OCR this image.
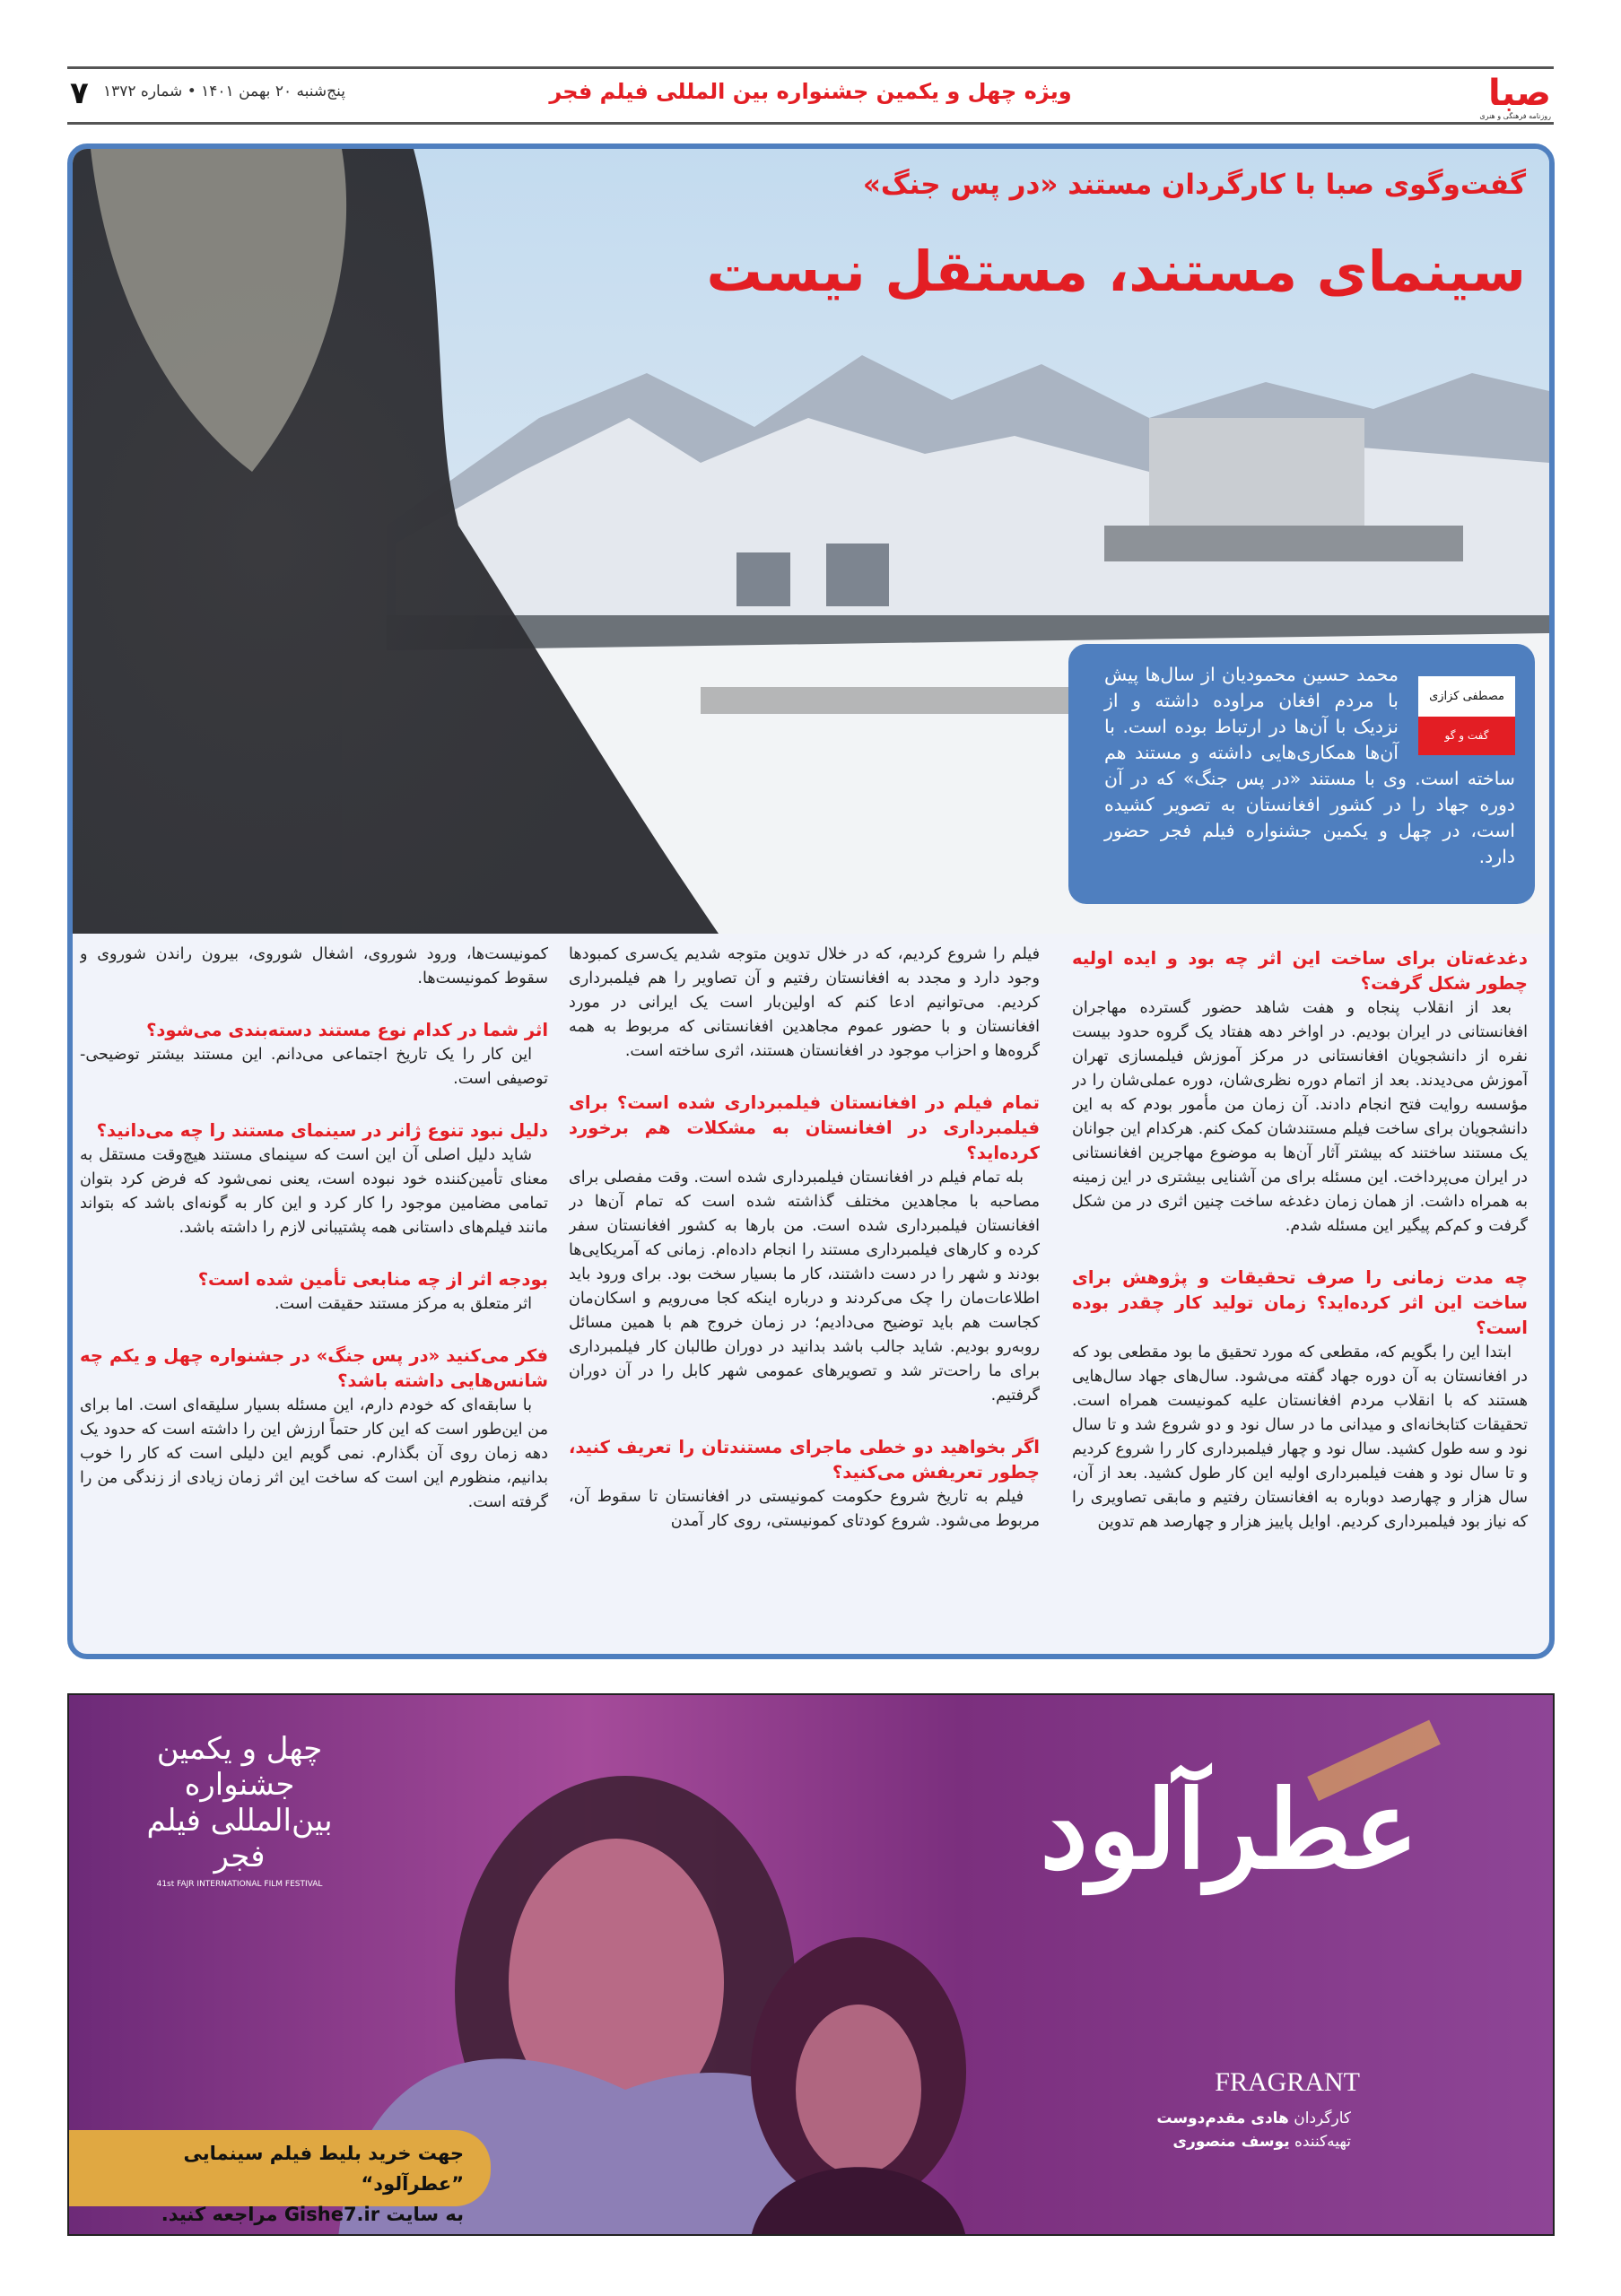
صبا
روزنامه فرهنگی و هنری
ویژه چهل و یکمین جشنواره بین المللی فیلم فجر
پنج‌شنبه ۲۰ بهمن ۱۴۰۱ • شماره ۱۳۷۲
۷
گفت‌وگوی صبا با کارگردان مستند «در پس جنگ»
سینمای مستند، مستقل نیست
مصطفی کزازی
گفت و گو
محمد حسین محمودیان از سال‌ها پیش با مردم افغان مراوده داشته و از نزدیک با آن‌ها در ارتباط بوده است. با آن‌ها همکاری‌هایی داشته و مستند هم ساخته است. وی با مستند «در پس جنگ» که در آن دوره جهاد را در کشور افغانستان به تصویر کشیده است، در چهل و یکمین جشنواره فیلم فجر حضور دارد.
دغدغه‌تان برای ساخت این اثر چه بود و ایده اولیه چطور شکل گرفت؟

بعد از انقلاب پنجاه و هفت شاهد حضور گسترده مهاجران افغانستانی در ایران بودیم. در اواخر دهه هفتاد یک گروه حدود بیست نفره از دانشجویان افغانستانی در مرکز آموزش فیلمسازی تهران آموزش می‌دیدند. بعد از اتمام دوره نظری‌شان، دوره عملی‌شان را در مؤسسه روایت فتح انجام دادند. آن زمان من مأمور بودم که به این دانشجویان برای ساخت فیلم مستندشان کمک کنم. هرکدام این جوانان یک مستند ساختند که بیشتر آثار آن‌ها به موضوع مهاجرین افغانستانی در ایران می‌پرداخت. این مسئله برای من آشنایی بیشتری در این زمینه به همراه داشت. از همان زمان دغدغه ساخت چنین اثری در من شکل گرفت و کم‌کم پیگیر این مسئله شدم.

چه مدت زمانی را صرف تحقیقات و پژوهش برای ساخت این اثر کرده‌اید؟ زمان تولید کار چقدر بوده است؟

ابتدا این را بگویم که، مقطعی که مورد تحقیق ما بود مقطعی بود که در افغانستان به آن دوره جهاد گفته می‌شود. سال‌های جهاد سال‌هایی هستند که با انقلاب مردم افغانستان علیه کمونیست همراه است. تحقیقات کتابخانه‌ای و میدانی ما در سال نود و دو شروع شد و تا سال نود و سه طول کشید. سال نود و چهار فیلمبرداری کار را شروع کردیم و تا سال نود و هفت فیلمبرداری اولیه این کار طول کشید. بعد از آن، سال هزار و چهارصد دوباره به افغانستان رفتیم و مابقی تصاویری را که نیاز بود فیلمبرداری کردیم. اوایل پاییز هزار و چهارصد هم تدوین

فیلم را شروع کردیم، که در خلال تدوین متوجه شدیم یک‌سری کمبودها وجود دارد و مجدد به افغانستان رفتیم و آن تصاویر را هم فیلمبرداری کردیم. می‌توانیم ادعا کنم که اولین‌بار است یک ایرانی در مورد افغانستان و با حضور عموم مجاهدین افغانستانی که مربوط به همه گروه‌ها و احزاب موجود در افغانستان هستند، اثری ساخته است.

تمام فیلم در افغانستان فیلمبرداری شده است؟ برای فیلمبرداری در افغانستان به مشکلات هم برخورد کرده‌اید؟

بله تمام فیلم در افغانستان فیلمبرداری شده است. وقت مفصلی برای مصاحبه با مجاهدین مختلف گذاشته شده است که تمام آن‌ها در افغانستان فیلمبرداری شده است. من بارها به کشور افغانستان سفر کرده و کارهای فیلمبرداری مستند را انجام داده‌ام. زمانی که آمریکایی‌ها بودند و شهر را در دست داشتند، کار ما بسیار سخت بود. برای ورود باید اطلاعات‌مان را چک می‌کردند و درباره اینکه کجا می‌رویم و اسکان‌مان کجاست هم باید توضیح می‌دادیم؛ در زمان خروج هم با همین مسائل روبه‌رو بودیم. شاید جالب باشد بدانید در دوران طالبان کار فیلمبرداری برای ما راحت‌تر شد و تصویرهای عمومی شهر کابل را در آن دوران گرفتیم.

اگر بخواهید دو خطی ماجرای مستندتان را تعریف کنید، چطور تعریفش می‌کنید؟

فیلم به تاریخ شروع حکومت کمونیستی در افغانستان تا سقوط آن، مربوط می‌شود. شروع کودتای کمونیستی، روی کار آمدن

کمونیست‌ها، ورود شوروی، اشغال شوروی، بیرون راندن شوروی و سقوط کمونیست‌ها.

اثر شما در کدام نوع مستند دسته‌بندی می‌شود؟

این کار را یک تاریخ اجتماعی می‌دانم. این مستند بیشتر توضیحی-توصیفی است.

دلیل نبود تنوع ژانر در سینمای مستند را چه می‌دانید؟

شاید دلیل اصلی آن این است که سینمای مستند هیچ‌وقت مستقل به معنای تأمین‌کننده خود نبوده است، یعنی نمی‌شود که فرض کرد بتوان تمامی مضامین موجود را کار کرد و این کار به گونه‌ای باشد که بتواند مانند فیلم‌های داستانی همه پشتیبانی لازم را داشته باشد.

بودجه اثر از چه منابعی تأمین شده است؟

اثر متعلق به مرکز مستند حقیقت است.

فکر می‌کنید «در پس جنگ» در جشنواره چهل و یکم چه شانس‌هایی داشته باشد؟

با سابقه‌ای که خودم دارم، این مسئله بسیار سلیقه‌ای است. اما برای من این‌طور است که این کار حتماً ارزش این را داشته است که حدود یک دهه زمان روی آن بگذارم. نمی گویم این دلیلی است که کار را خوب بدانیم، منظورم این است که ساخت این اثر زمان زیادی از زندگی من را گرفته است.

چهل و یکمین جشنواره بین‌المللی فیلم فجر
41st FAJR INTERNATIONAL FILM FESTIVAL	عطرآلود
FRAGRANT
کارگردان هادی مقدم‌دوست
تهیه‌کننده یوسف منصوری
جهت خرید بلیط فیلم سینمایی ”عطرآلود“
به سایت Gishe7.ir مراجعه کنید.
